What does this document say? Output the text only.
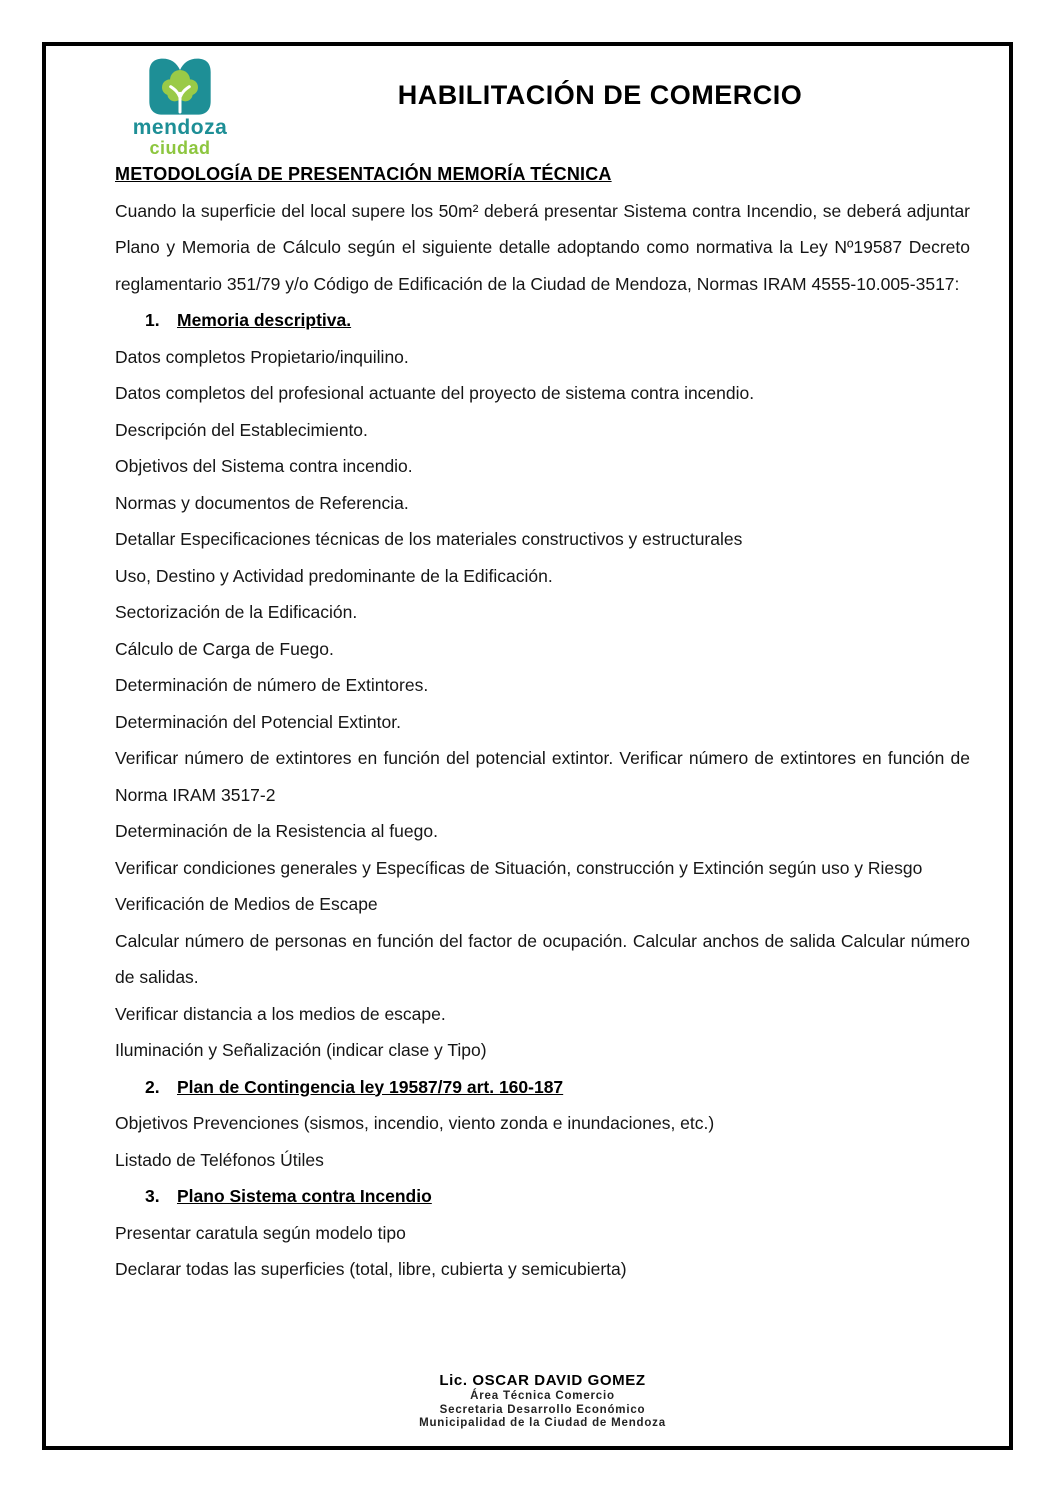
mendoza
ciudad
HABILITACIÓN DE COMERCIO

METODOLOGÍA DE PRESENTACIÓN MEMORÍA TÉCNICA

Cuando la superficie del local supere los 50m² deberá presentar Sistema contra Incendio, se deberá adjuntar Plano y Memoria de Cálculo según el siguiente detalle adoptando como normativa la Ley Nº19587 Decreto reglamentario 351/79 y/o Código de Edificación de la Ciudad de Mendoza, Normas IRAM 4555-10.005-3517:

1. Memoria descriptiva.

Datos completos Propietario/inquilino.

Datos completos del profesional actuante del proyecto de sistema contra incendio.

Descripción del Establecimiento.

Objetivos del Sistema contra incendio.

Normas y documentos de Referencia.

Detallar Especificaciones técnicas de los materiales constructivos y estructurales

Uso, Destino y Actividad predominante de la Edificación.

Sectorización de la Edificación.

Cálculo de Carga de Fuego.

Determinación de número de Extintores.

Determinación del Potencial Extintor.

Verificar número de extintores en función del potencial extintor. Verificar número de extintores en función de Norma IRAM 3517-2

Determinación de la Resistencia al fuego.

Verificar condiciones generales y Específicas de Situación, construcción y Extinción según uso y Riesgo

Verificación de Medios de Escape

Calcular número de personas en función del factor de ocupación. Calcular anchos de salida Calcular número de salidas.

Verificar distancia a los medios de escape.

Iluminación y Señalización (indicar clase y Tipo)

2. Plan de Contingencia ley 19587/79 art. 160-187

Objetivos Prevenciones (sismos, incendio, viento zonda e inundaciones, etc.)

Listado de Teléfonos Útiles

3. Plano Sistema contra Incendio

Presentar caratula según modelo tipo

Declarar todas las superficies (total, libre, cubierta y semicubierta)

Lic. OSCAR DAVID GOMEZ
Área Técnica Comercio
Secretaria Desarrollo Económico
Municipalidad de la Ciudad de Mendoza
